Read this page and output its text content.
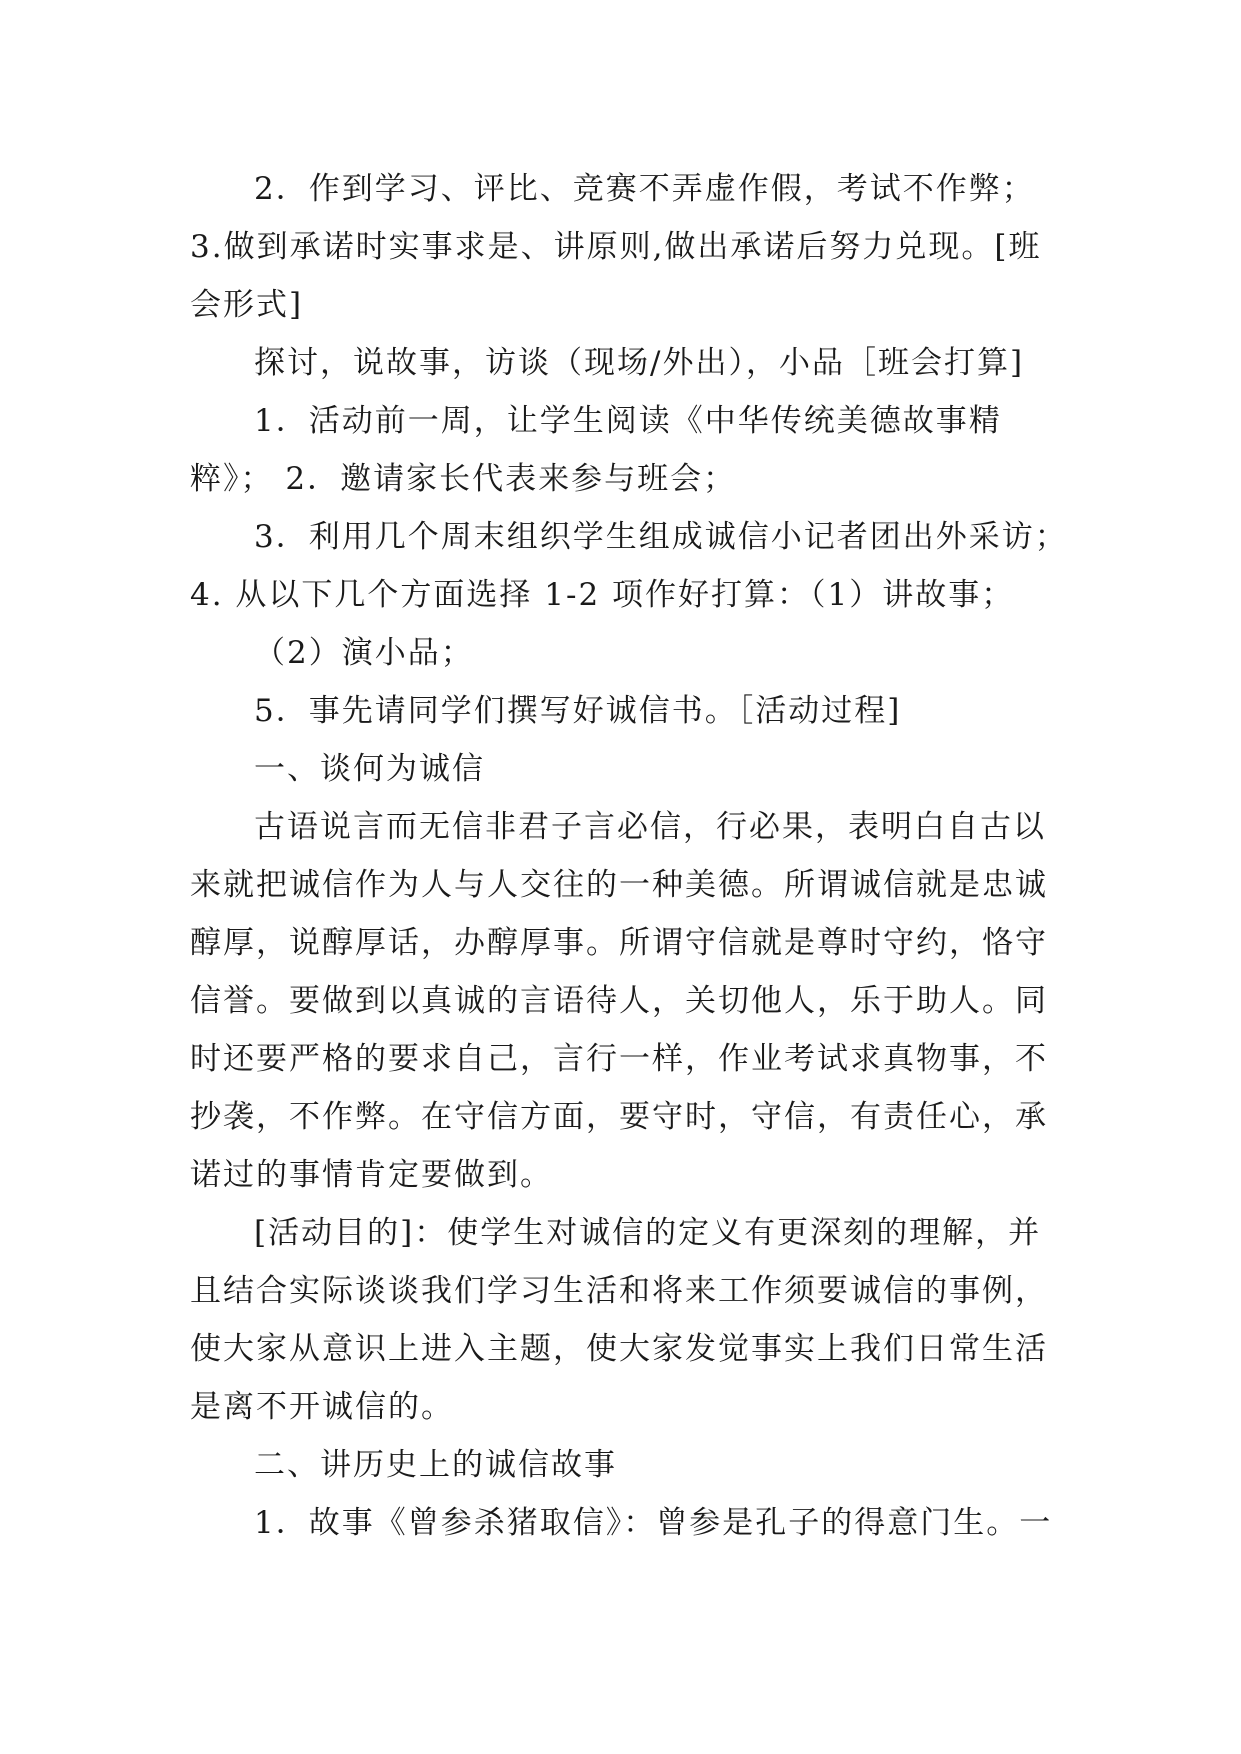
2．作到学习、评比、竞赛不弄虚作假，考试不作弊；

3.做到承诺时实事求是、讲原则,做出承诺后努力兑现。[班

会形式]

探讨，说故事，访谈（现场/外出），小品［班会打算]

1．活动前一周，让学生阅读《中华传统美德故事精

粹》； 2．邀请家长代表来参与班会；

3．利用几个周末组织学生组成诚信小记者团出外采访；

4. 从以下几个方面选择 1-2 项作好打算：（1）讲故事；

（2）演小品；

5．事先请同学们撰写好诚信书。［活动过程]

一、谈何为诚信

古语说言而无信非君子言必信，行必果，表明白自古以

来就把诚信作为人与人交往的一种美德。所谓诚信就是忠诚

醇厚，说醇厚话，办醇厚事。所谓守信就是尊时守约，恪守

信誉。要做到以真诚的言语待人，关切他人，乐于助人。同

时还要严格的要求自己，言行一样，作业考试求真物事，不

抄袭，不作弊。在守信方面，要守时，守信，有责任心，承

诺过的事情肯定要做到。

[活动目的]：使学生对诚信的定义有更深刻的理解，并

且结合实际谈谈我们学习生活和将来工作须要诚信的事例，

使大家从意识上进入主题，使大家发觉事实上我们日常生活

是离不开诚信的。

二、讲历史上的诚信故事

1．故事《曾参杀猪取信》：曾参是孔子的得意门生。一
